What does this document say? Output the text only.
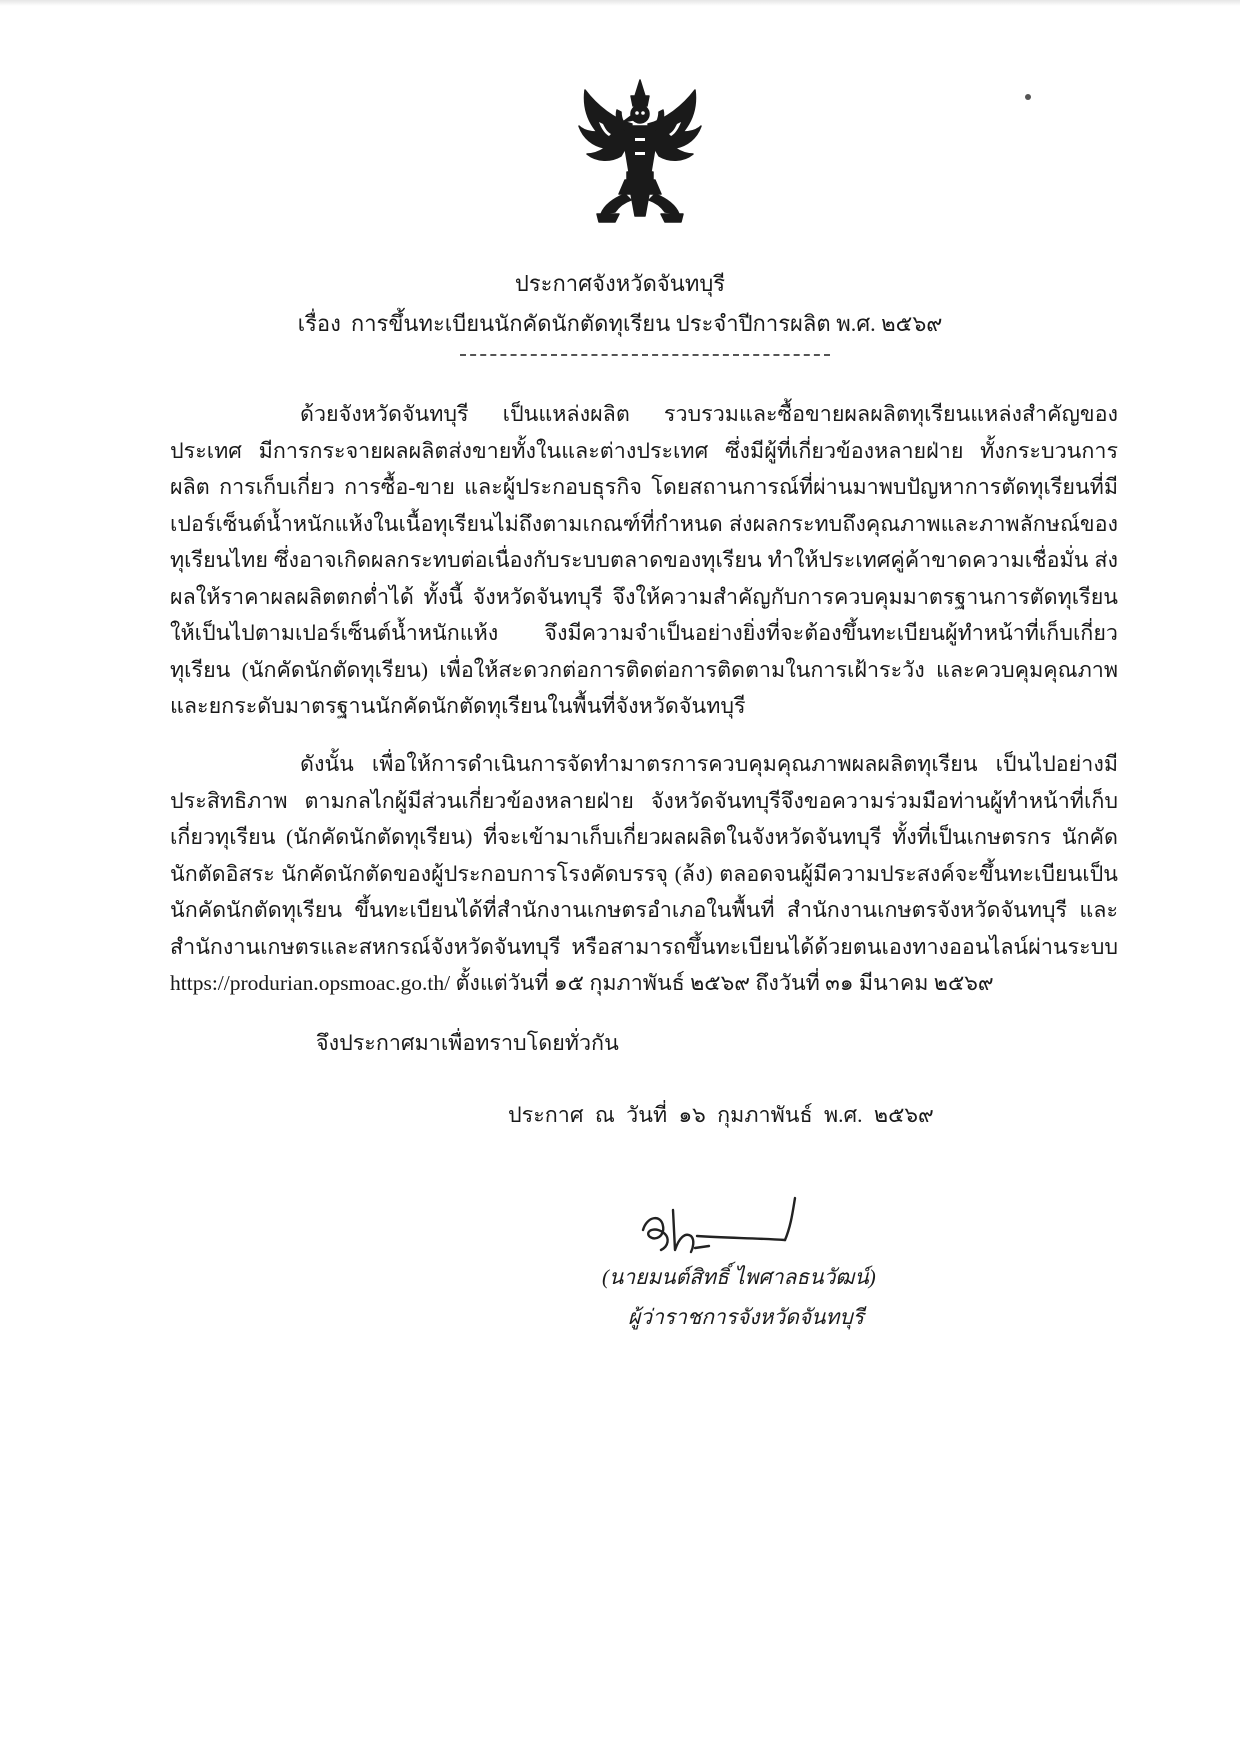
ประกาศจังหวัดจันทบุรี
เรื่อง การขึ้นทะเบียนนักคัดนักตัดทุเรียน ประจำปีการผลิต พ.ศ. ๒๕๖๙

ด้วยจังหวัดจันทบุรี เป็นแหล่งผลิต รวบรวมและซื้อขายผลผลิตทุเรียนแหล่งสำคัญของประเทศ มีการกระจายผลผลิตส่งขายทั้งในและต่างประเทศ ซึ่งมีผู้ที่เกี่ยวข้องหลายฝ่าย ทั้งกระบวนการผลิต การเก็บเกี่ยว การซื้อ-ขาย และผู้ประกอบธุรกิจ โดยสถานการณ์ที่ผ่านมาพบปัญหาการตัดทุเรียนที่มีเปอร์เซ็นต์น้ำหนักแห้งในเนื้อทุเรียนไม่ถึงตามเกณฑ์ที่กำหนด ส่งผลกระทบถึงคุณภาพและภาพลักษณ์ของทุเรียนไทย ซึ่งอาจเกิดผลกระทบต่อเนื่องกับระบบตลาดของทุเรียน ทำให้ประเทศคู่ค้าขาดความเชื่อมั่น ส่งผลให้ราคาผลผลิตตกต่ำได้ ทั้งนี้ จังหวัดจันทบุรี จึงให้ความสำคัญกับการควบคุมมาตรฐานการตัดทุเรียน ให้เป็นไปตามเปอร์เซ็นต์น้ำหนักแห้ง จึงมีความจำเป็นอย่างยิ่งที่จะต้องขึ้นทะเบียนผู้ทำหน้าที่เก็บเกี่ยวทุเรียน (นักคัดนักตัดทุเรียน) เพื่อให้สะดวกต่อการติดต่อการติดตามในการเฝ้าระวัง และควบคุมคุณภาพและยกระดับมาตรฐานนักคัดนักตัดทุเรียนในพื้นที่จังหวัดจันทบุรี

ดังนั้น เพื่อให้การดำเนินการจัดทำมาตรการควบคุมคุณภาพผลผลิตทุเรียน เป็นไปอย่างมีประสิทธิภาพ ตามกลไกผู้มีส่วนเกี่ยวข้องหลายฝ่าย จังหวัดจันทบุรีจึงขอความร่วมมือท่านผู้ทำหน้าที่เก็บเกี่ยวทุเรียน (นักคัดนักตัดทุเรียน) ที่จะเข้ามาเก็บเกี่ยวผลผลิตในจังหวัดจันทบุรี ทั้งที่เป็นเกษตรกร นักคัดนักตัดอิสระ นักคัดนักตัดของผู้ประกอบการโรงคัดบรรจุ (ล้ง) ตลอดจนผู้มีความประสงค์จะขึ้นทะเบียนเป็นนักคัดนักตัดทุเรียน ขึ้นทะเบียนได้ที่สำนักงานเกษตรอำเภอในพื้นที่ สำนักงานเกษตรจังหวัดจันทบุรี และสำนักงานเกษตรและสหกรณ์จังหวัดจันทบุรี หรือสามารถขึ้นทะเบียนได้ด้วยตนเองทางออนไลน์ผ่านระบบ https://produrian.opsmoac.go.th/ ตั้งแต่วันที่ ๑๕ กุมภาพันธ์ ๒๕๖๙ ถึงวันที่ ๓๑ มีนาคม ๒๕๖๙

จึงประกาศมาเพื่อทราบโดยทั่วกัน
ประกาศ ณ วันที่ ๑๖ กุมภาพันธ์ พ.ศ. ๒๕๖๙
(นายมนต์สิทธิ์ ไพศาลธนวัฒน์)
ผู้ว่าราชการจังหวัดจันทบุรี
